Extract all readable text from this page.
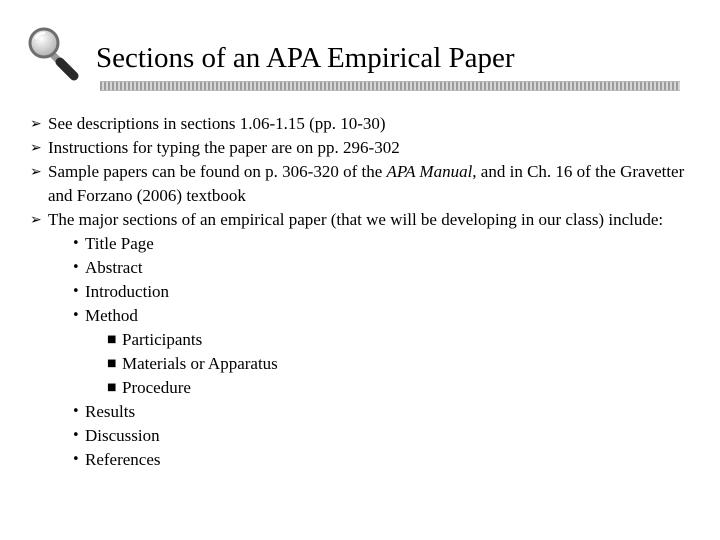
Sections of an APA Empirical Paper
➢ See descriptions in sections 1.06-1.15 (pp. 10-30)
➢ Instructions for typing the paper are on pp. 296-302
➢ Sample papers can be found on p. 306-320 of the APA Manual, and in Ch. 16 of the Gravetter and Forzano (2006) textbook
➢ The major sections of an empirical paper (that we will be developing in our class) include:
• Title Page
• Abstract
• Introduction
• Method
■ Participants
■ Materials or Apparatus
■ Procedure
• Results
• Discussion
• References
